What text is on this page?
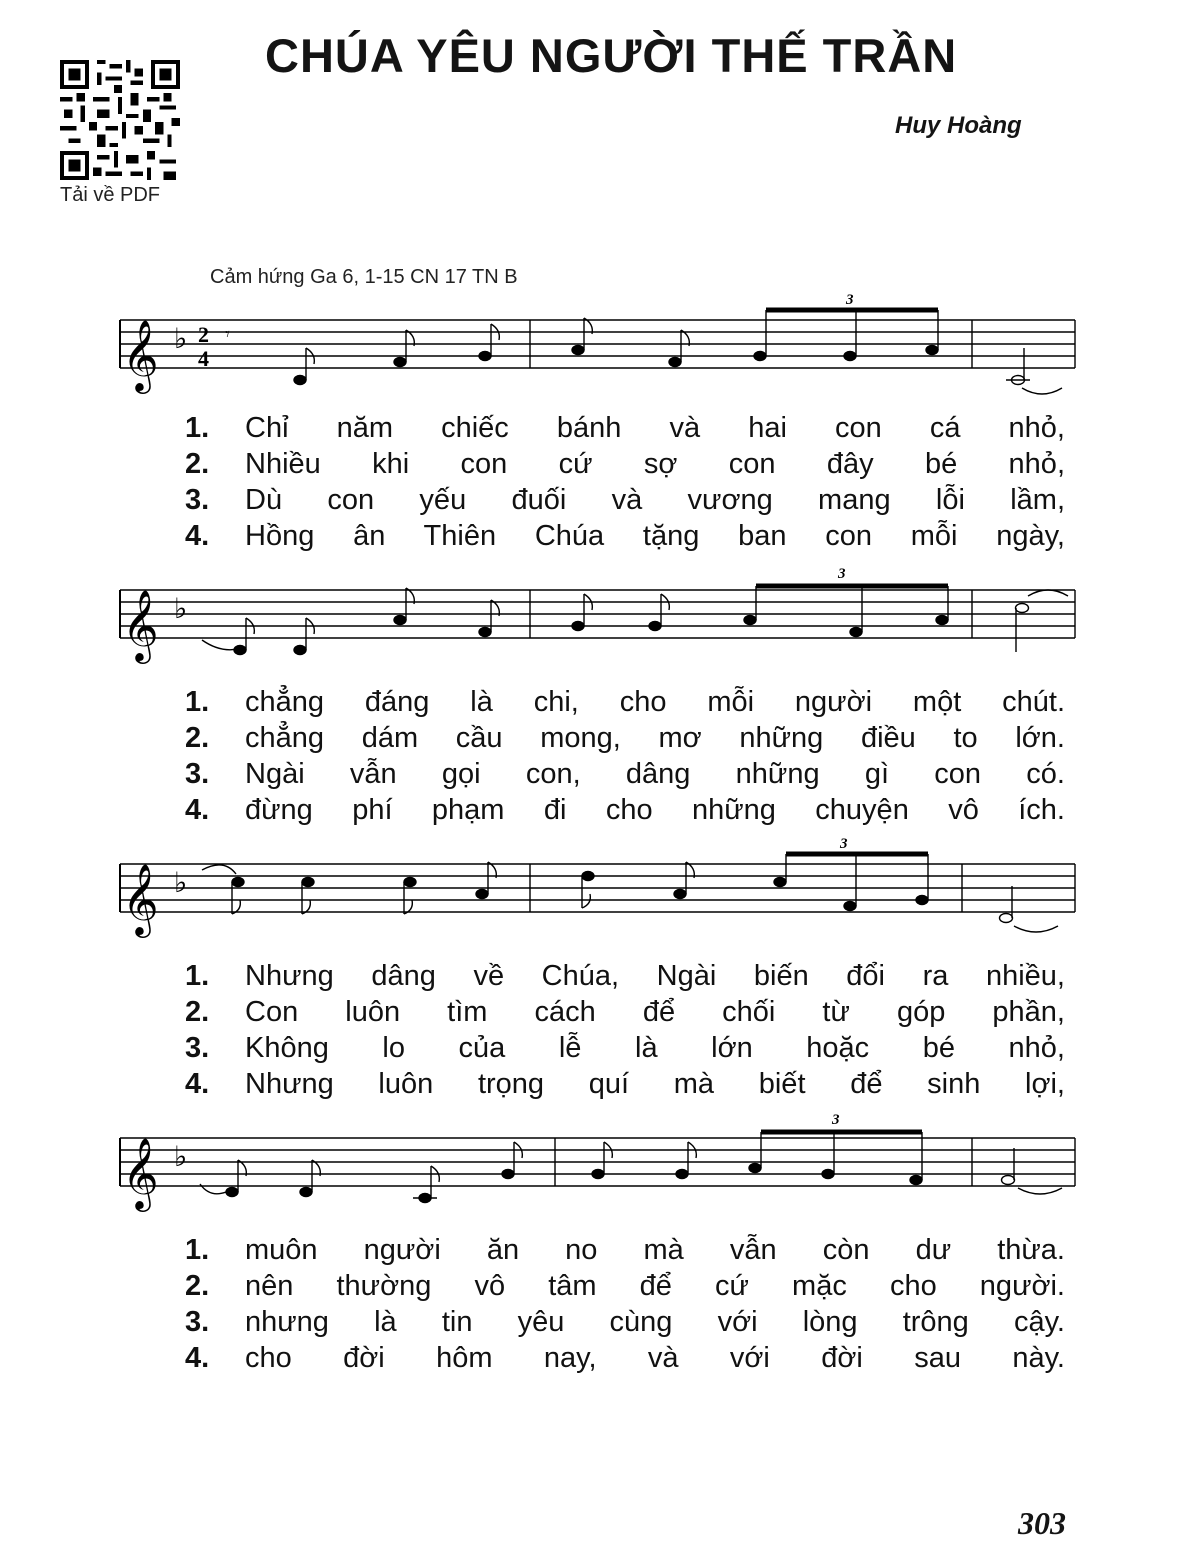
Tải về PDF
CHÚA YÊU NGƯỜI THẾ TRẦN
Huy Hoàng
Cảm hứng Ga 6, 1-15 CN 17 TN B
𝄞 ♭ 2
4
𝄾
3
1.	Chỉ năm chiếc bánh và hai con cá nhỏ,
2.	Nhiều khi con cứ sợ con đây bé nhỏ,
3.	Dù con yếu đuối và vương mang lỗi lầm,
4.	Hồng ân Thiên Chúa tặng ban con mỗi ngày,
𝄞 ♭
3
1.	chẳng đáng là chi, cho mỗi người một chút.
2.	chẳng dám cầu mong, mơ những điều to lớn.
3.	Ngài vẫn gọi con, dâng những gì con có.
4.	đừng phí phạm đi cho những chuyện vô ích.
𝄞 ♭
3
1.	Nhưng dâng về Chúa, Ngài biến đổi ra nhiều,
2.	Con luôn tìm cách để chối từ góp phần,
3.	Không lo của lễ là lớn hoặc bé nhỏ,
4.	Nhưng luôn trọng quí mà biết để sinh lợi,
𝄞 ♭
3
1.	muôn người ăn no mà vẫn còn dư thừa.
2.	nên thường vô tâm để cứ mặc cho người.
3.	nhưng là tin yêu cùng với lòng trông cậy.
4.	cho đời hôm nay, và với đời sau này.
303
